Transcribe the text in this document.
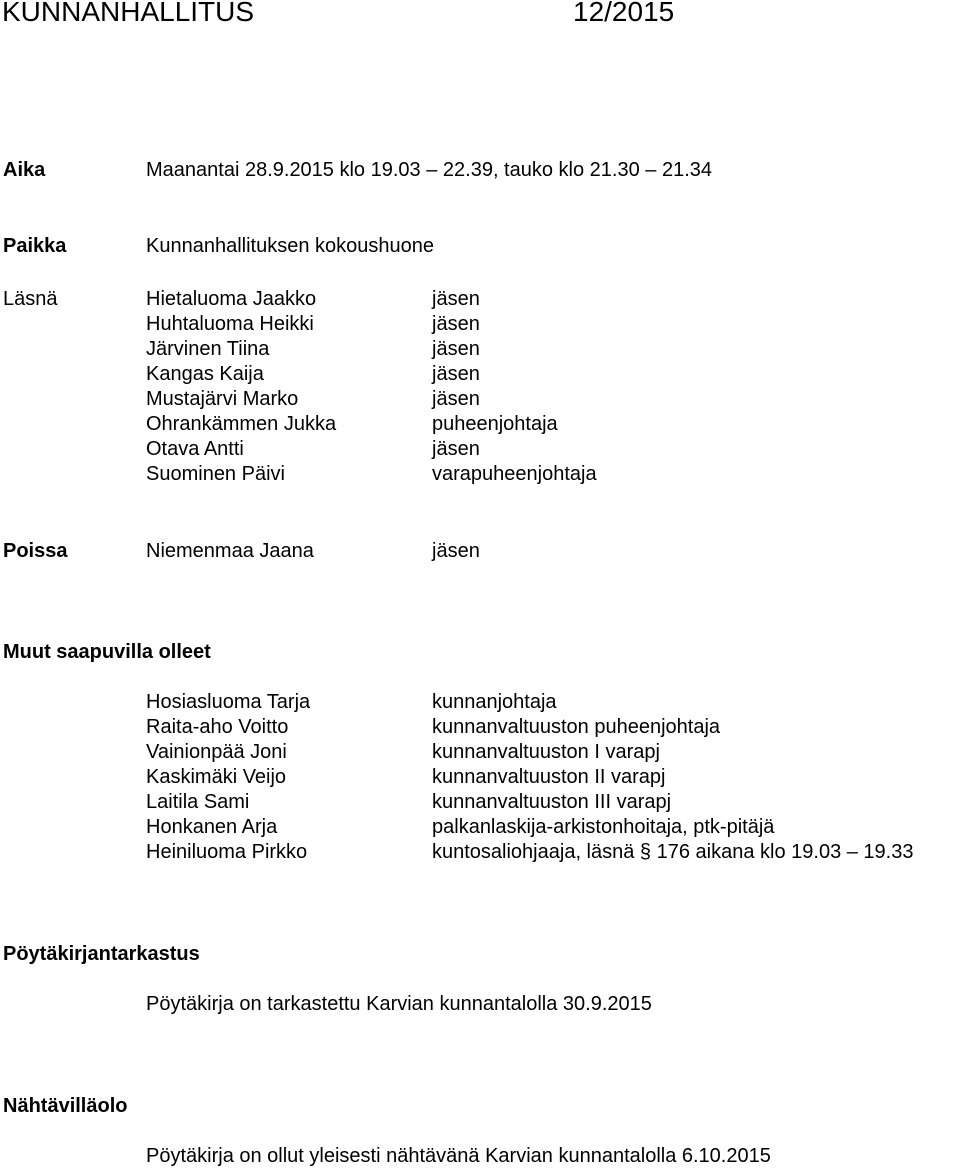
KUNNANHALLITUS	12/2015
Aika	Maanantai 28.9.2015 klo 19.03 – 22.39, tauko klo 21.30 – 21.34
Paikka	Kunnanhallituksen kokoushuone
Läsnä	Hietaluoma Jaakko	jäsen
Huhtaluoma Heikki	jäsen
Järvinen Tiina	jäsen
Kangas Kaija	jäsen
Mustajärvi Marko	jäsen
Ohrankämmen Jukka	puheenjohtaja
Otava Antti	jäsen
Suominen Päivi	varapuheenjohtaja
Poissa	Niemenmaa Jaana	jäsen
Muut saapuvilla olleet
Hosiasluoma Tarja	kunnanjohtaja
Raita-aho Voitto	kunnanvaltuuston puheenjohtaja
Vainionpää Joni	kunnanvaltuuston I varapj
Kaskimäki Veijo	kunnanvaltuuston II varapj
Laitila Sami	kunnanvaltuuston III varapj
Honkanen Arja	palkanlaskija-arkistonhoitaja, ptk-pitäjä
Heiniluoma Pirkko	kuntosaliohjaaja, läsnä § 176 aikana klo 19.03 – 19.33
Pöytäkirjantarkastus
Pöytäkirja on tarkastettu Karvian kunnantalolla 30.9.2015
Nähtävilläolo
Pöytäkirja on ollut yleisesti nähtävänä Karvian kunnantalolla 6.10.2015
